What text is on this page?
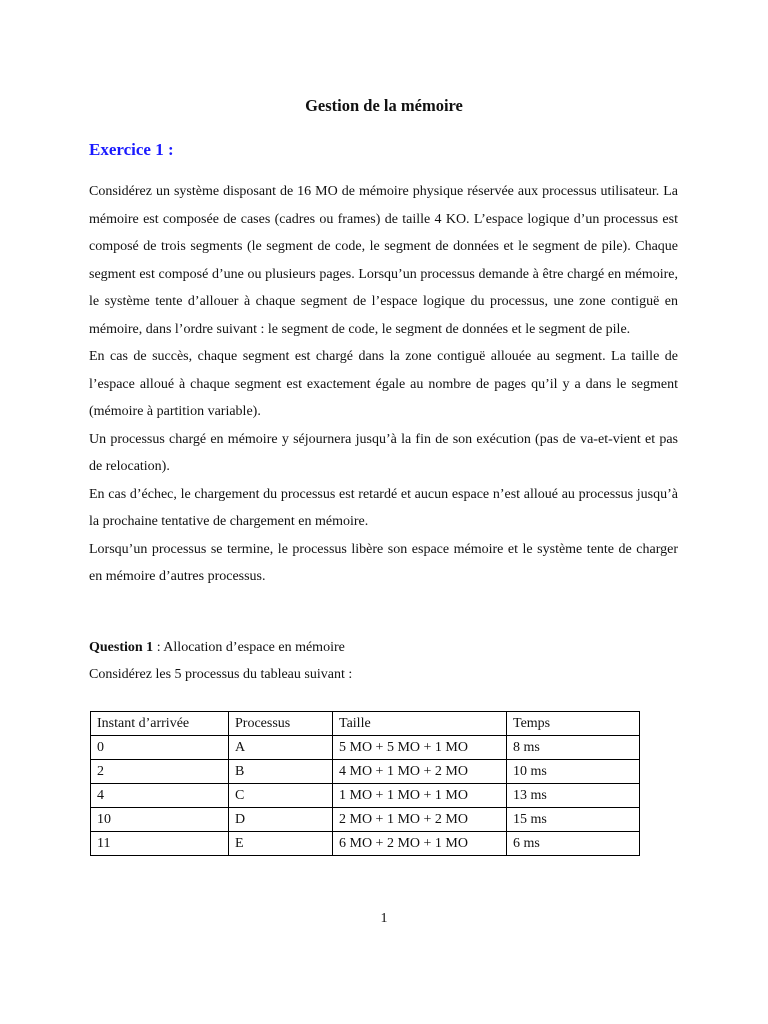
Gestion de la mémoire
Exercice 1 :

Considérez un système disposant de 16 MO de mémoire physique réservée aux processus utilisateur. La mémoire est composée de cases (cadres ou frames) de taille 4 KO. L’espace logique d’un processus est composé de trois segments (le segment de code, le segment de données et le segment de pile). Chaque segment est composé d’une ou plusieurs pages. Lorsqu’un processus demande à être chargé en mémoire, le système tente d’allouer à chaque segment de l’espace logique du processus, une zone contiguë en mémoire, dans l’ordre suivant : le segment de code, le segment de données et le segment de pile.

En cas de succès, chaque segment est chargé dans la zone contiguë allouée au segment. La taille de l’espace alloué à chaque segment est exactement égale au nombre de pages qu’il y a dans le segment (mémoire à partition variable).

Un processus chargé en mémoire y séjournera jusqu’à la fin de son exécution (pas de va-et-vient et pas de relocation).

En cas d’échec, le chargement du processus est retardé et aucun espace n’est alloué au processus jusqu’à la prochaine tentative de chargement en mémoire.

Lorsqu’un processus se termine, le processus libère son espace mémoire et le système tente de charger en mémoire d’autres processus.

Question 1 : Allocation d’espace en mémoire

Considérez les 5 processus du tableau suivant :

Instant d’arrivée	Processus	Taille	Temps
0	A	5 MO + 5 MO + 1 MO	8 ms
2	B	4 MO + 1 MO + 2 MO	10 ms
4	C	1 MO + 1 MO + 1 MO	13 ms
10	D	2 MO + 1 MO + 2 MO	15 ms
11	E	6 MO + 2 MO + 1 MO	6 ms
1
